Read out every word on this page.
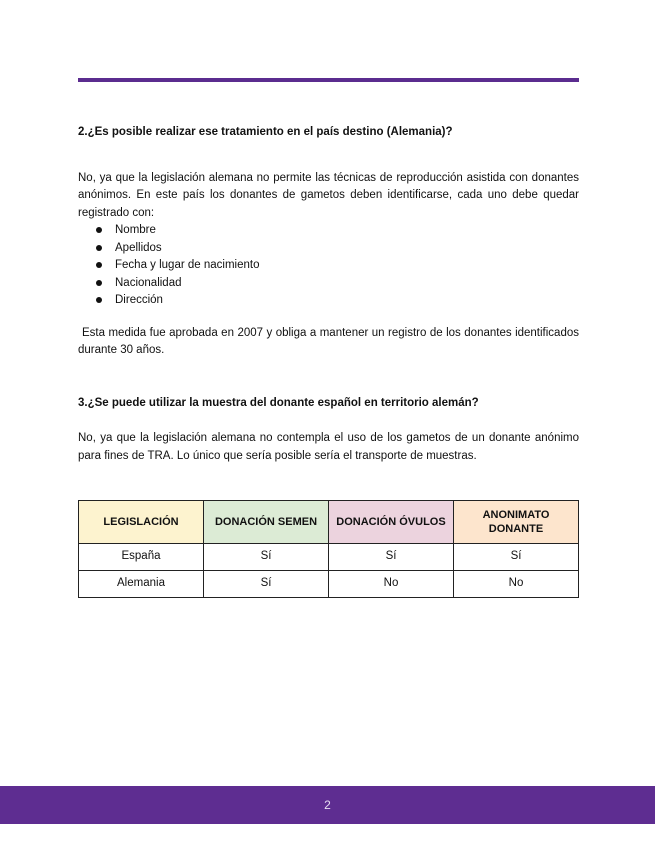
2.¿Es posible realizar ese tratamiento en el país destino (Alemania)?

No, ya que la legislación alemana no permite las técnicas de reproducción asistida con donantes anónimos. En este país los donantes de gametos deben identificarse, cada uno debe quedar registrado con:

Nombre
Apellidos
Fecha y lugar de nacimiento
Nacionalidad
Dirección

Esta medida fue aprobada en 2007 y obliga a mantener un registro de los donantes identificados durante 30 años.

3.¿Se puede utilizar la muestra del donante español en territorio alemán?

No, ya que la legislación alemana no contempla el uso de los gametos de un donante anónimo para fines de TRA. Lo único que sería posible sería el transporte de muestras.

LEGISLACIÓN	DONACIÓN SEMEN	DONACIÓN ÓVULOS	ANONIMATO DONANTE
España	Sí	Sí	Sí
Alemania	Sí	No	No
2
